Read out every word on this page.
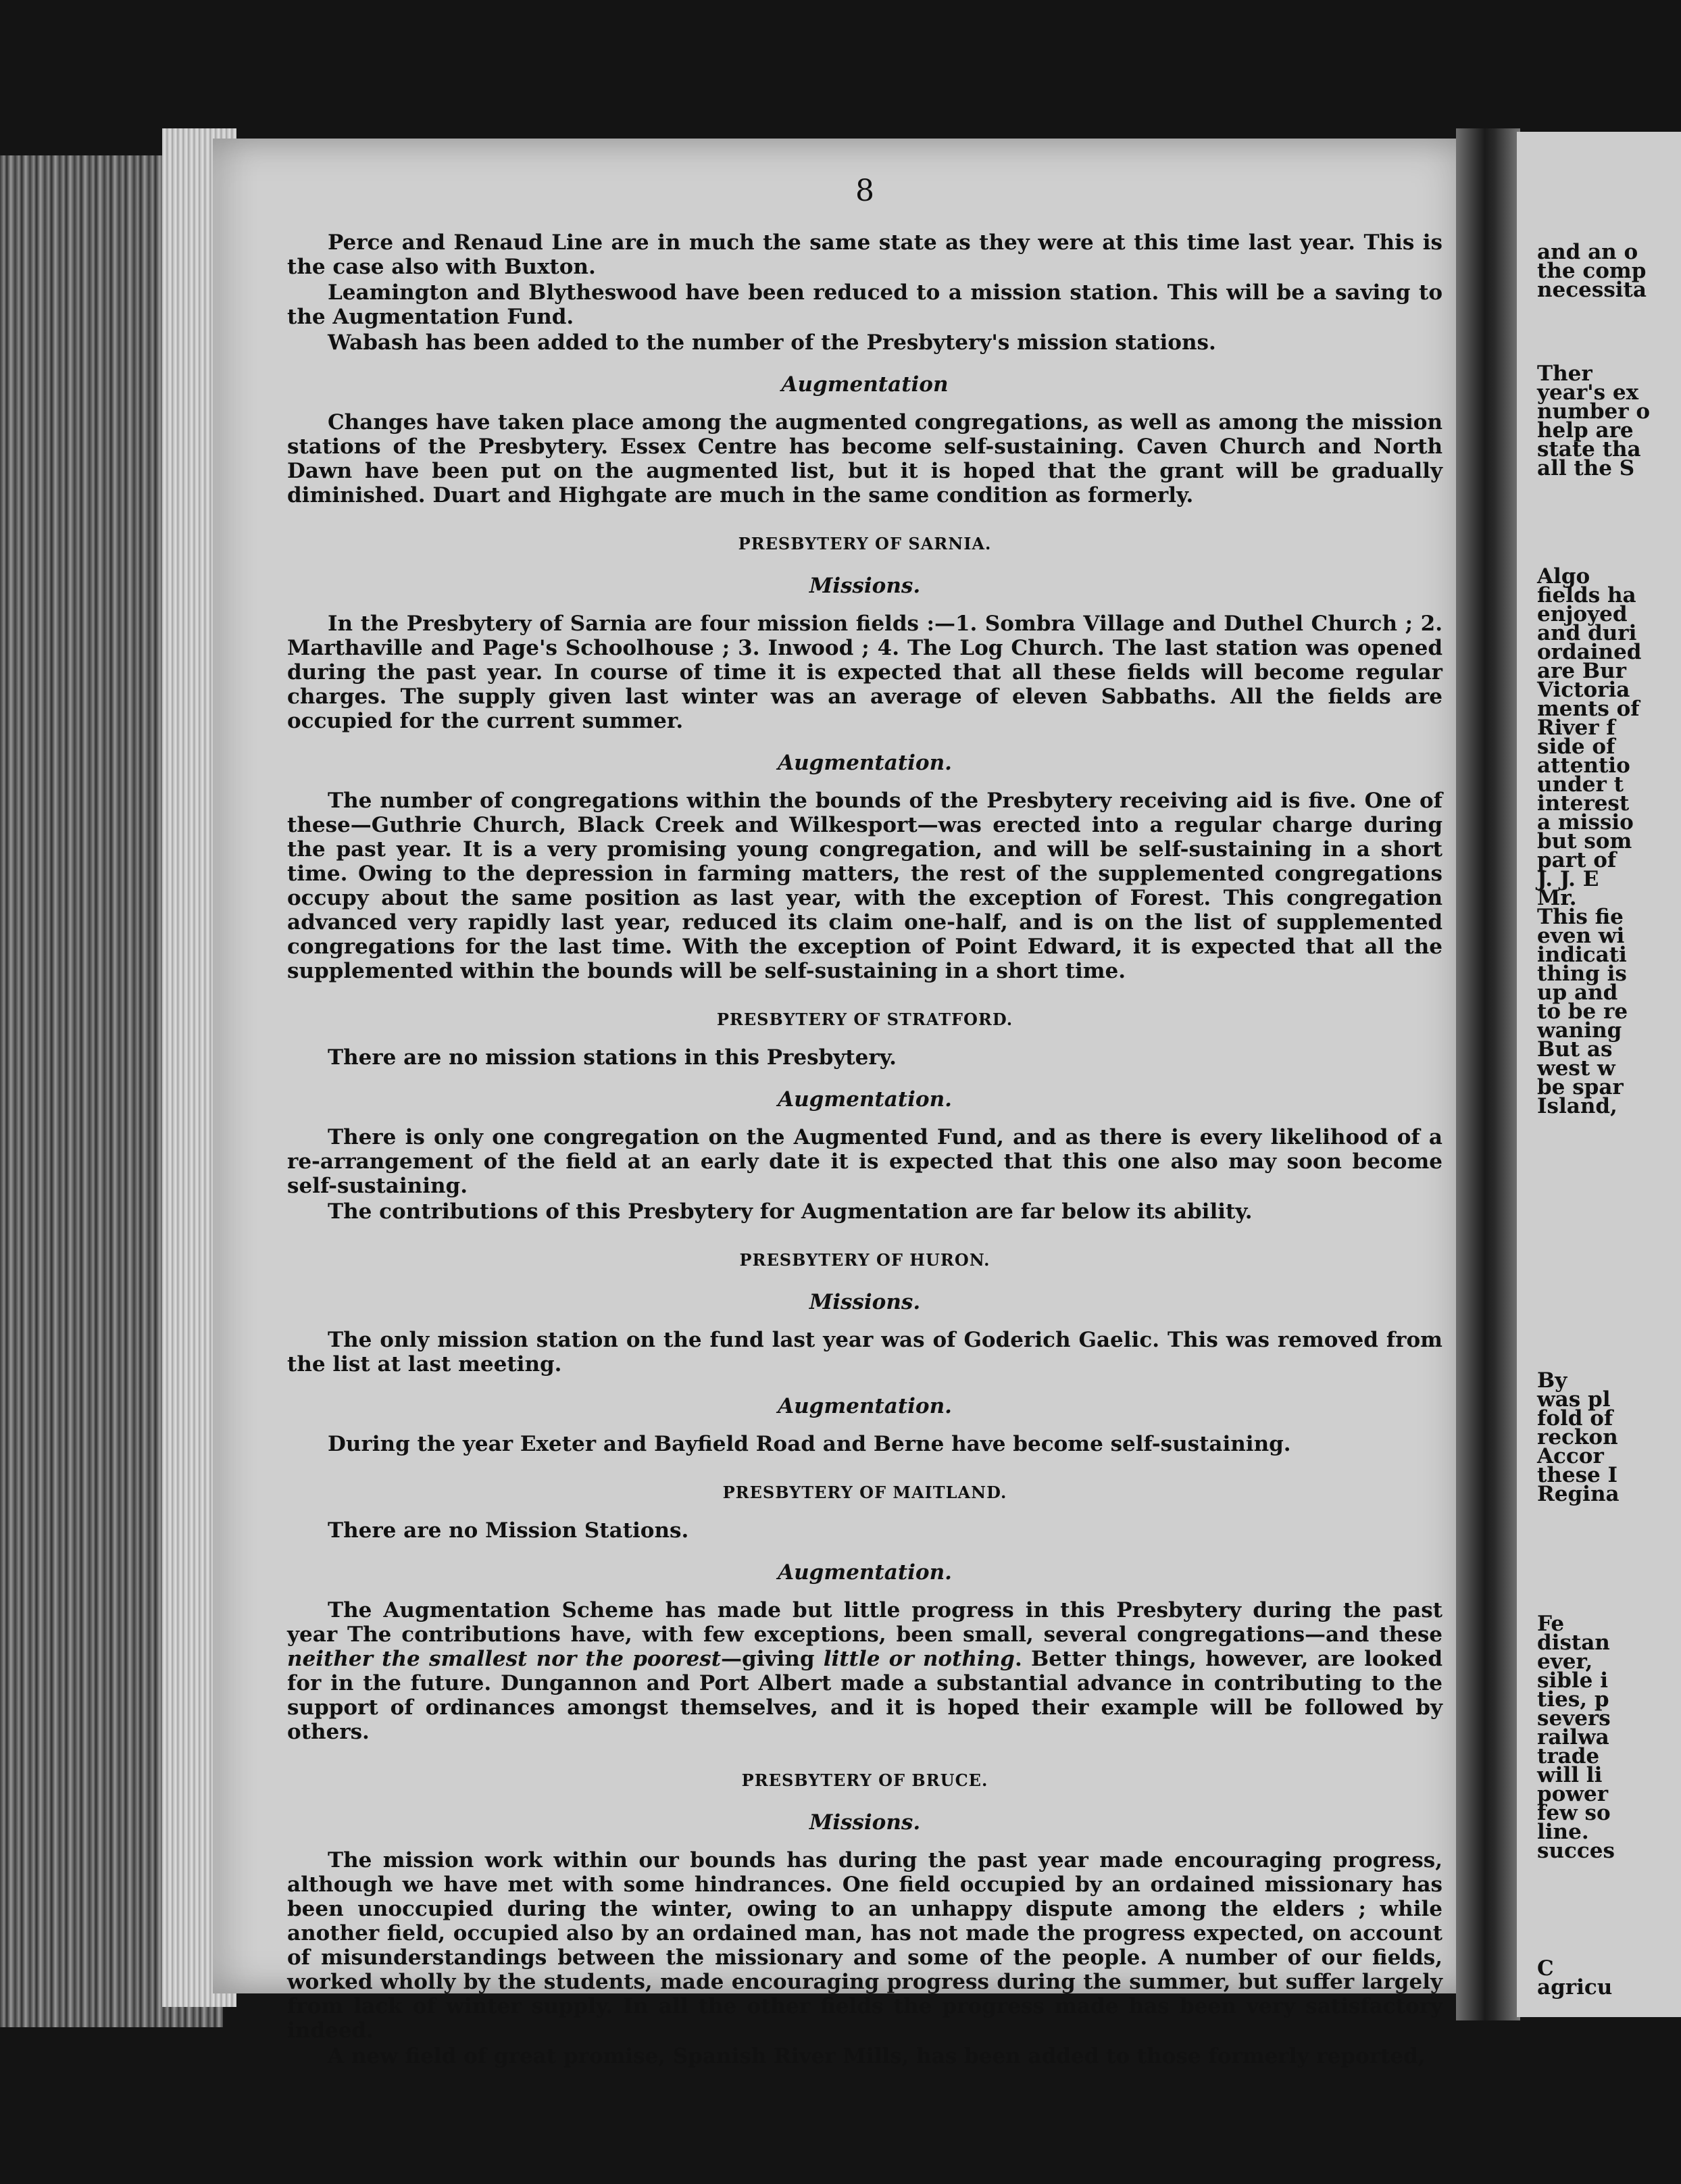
8

Perce and Renaud Line are in much the same state as they were at this time last year. This is the case also with Buxton.

Leamington and Blytheswood have been reduced to a mission station. This will be a saving to the Augmentation Fund.

Wabash has been added to the number of the Presbytery's mission stations.

Augmentation

Changes have taken place among the augmented congregations, as well as among the mission stations of the Presbytery. Essex Centre has become self-sustaining. Caven Church and North Dawn have been put on the augmented list, but it is hoped that the grant will be gradually diminished. Duart and Highgate are much in the same condition as formerly.

PRESBYTERY OF SARNIA.
Missions.

In the Presbytery of Sarnia are four mission fields :—1. Sombra Village and Duthel Church ; 2. Marthaville and Page's Schoolhouse ; 3. Inwood ; 4. The Log Church. The last station was opened during the past year. In course of time it is expected that all these fields will become regular charges. The supply given last winter was an average of eleven Sabbaths. All the fields are occupied for the current summer.

Augmentation.

The number of congregations within the bounds of the Presbytery receiving aid is five. One of these—Guthrie Church, Black Creek and Wilkesport—was erected into a regular charge during the past year. It is a very promising young congregation, and will be self-sustaining in a short time. Owing to the depression in farming matters, the rest of the supplemented congregations occupy about the same position as last year, with the exception of Forest. This congregation advanced very rapidly last year, reduced its claim one-half, and is on the list of supplemented congregations for the last time. With the exception of Point Edward, it is expected that all the supplemented within the bounds will be self-sustaining in a short time.

PRESBYTERY OF STRATFORD.

There are no mission stations in this Presbytery.

Augmentation.

There is only one congregation on the Augmented Fund, and as there is every likelihood of a re-arrangement of the field at an early date it is expected that this one also may soon become self-sustaining.

The contributions of this Presbytery for Augmentation are far below its ability.

PRESBYTERY OF HURON.
Missions.

The only mission station on the fund last year was of Goderich Gaelic. This was removed from the list at last meeting.

Augmentation.

During the year Exeter and Bayfield Road and Berne have become self-sustaining.

PRESBYTERY OF MAITLAND.

There are no Mission Stations.

Augmentation.

The Augmentation Scheme has made but little progress in this Presbytery during the past year The contributions have, with few exceptions, been small, several congregations—and these neither the smallest nor the poorest—giving little or nothing. Better things, however, are looked for in the future. Dungannon and Port Albert made a substantial advance in contributing to the support of ordinances amongst themselves, and it is hoped their example will be followed by others.

PRESBYTERY OF BRUCE.
Missions.

The mission work within our bounds has during the past year made encouraging progress, although we have met with some hindrances. One field occupied by an ordained missionary has been unoccupied during the winter, owing to an unhappy dispute among the elders ; while another field, occupied also by an ordained man, has not made the progress expected, on account of misunderstandings between the missionary and some of the people. A number of our fields, worked wholly by the students, made encouraging progress during the summer, but suffer largely from lack of winter supply. In all the other fields the progress made has been very satisfactory indeed.

A new field of great promise, Spanish River Mills, has been added to those formerly reported,

and an o
the comp
necessita
Ther
year's ex
number o
help are
state tha
all the S
Algo
fields ha
enjoyed
and duri
ordained
are Bur
Victoria
ments of
River f
side of
attentio
under t
interest
a missio
but som
part of
J. J. E
Mr.
This fie
even wi
indicati
thing is
up and
to be re
waning
But as
west w
be spar
Island,
By
was pl
fold of
reckon
Accor
these I
Regina
Fe
distan
ever,
sible i
ties, p
severs
railwa
trade
will li
power
few so
line.
succes
C
agricu
